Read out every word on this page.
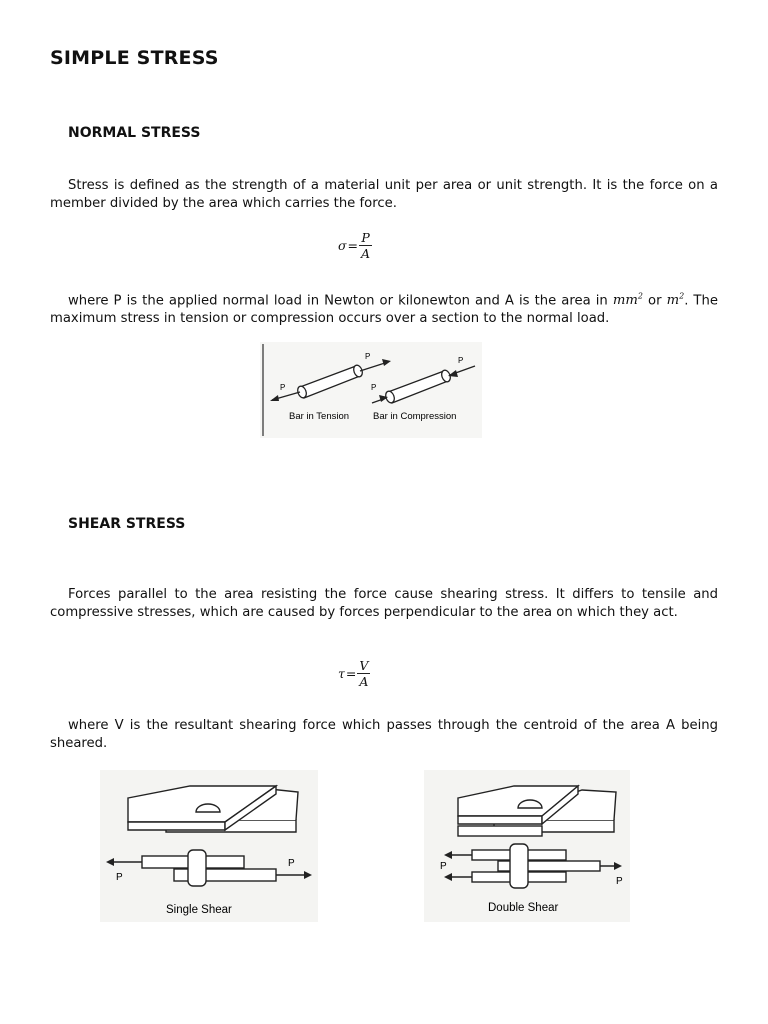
SIMPLE STRESS
NORMAL STRESS
Stress is defined as the strength of a material unit per area or unit strength. It is the force on a member divided by the area which carries the force.
$\sigma= \frac{P}{A}$
where P is the applied normal load in Newton or kilonewton and A is the area in $mm^2$ or $m^2$. The maximum stress in tension or compression occurs over a section to the normal load.
P
P
P
P
Bar in Tension	Bar in Compression
SHEAR STRESS
Forces parallel to the area resisting the force cause shearing stress. It differs to tensile and compressive stresses, which are caused by forces perpendicular to the area on which they act.
$\tau= \frac{V}{A}$
where V is the resultant shearing force which passes through the centroid of the area A being sheared.
P
P
Single Shear
P
P
Double Shear
